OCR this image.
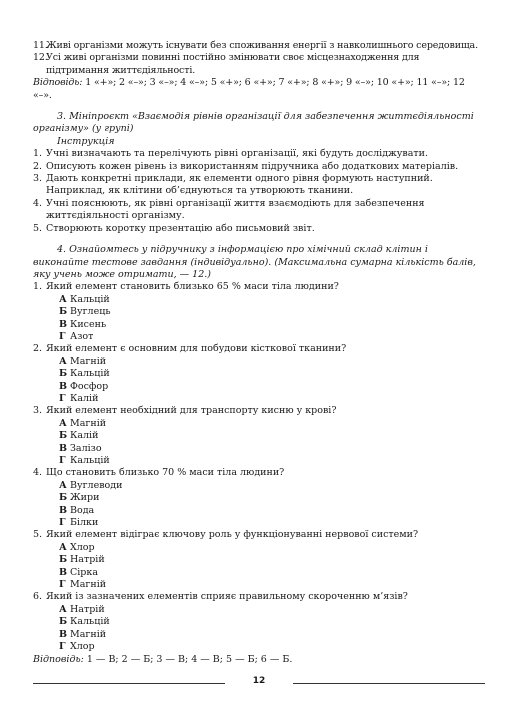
11.
Живі організми можуть існувати без споживання енергії з навколишнього середовища.

12.
Усі живі організми повинні постійно змінювати своє місцезнаходження для підтримання життєдіяльності.

Відповідь: 1 «+»; 2 «–»; 3 «–»; 4 «–»; 5 «+»; 6 «+»; 7 «+»; 8 «+»; 9 «–»; 10 «+»; 11 «–»; 12 «–».

3. Мініпроєкт «Взаємодія рівнів організації для забезпечення життєдіяльності організму» (у групі)

Інструкція

1. Учні визначають та перелічують рівні організації, які будуть досліджувати.

2. Описують кожен рівень із використанням підручника або додаткових матеріалів.

3. Дають конкретні приклади, як елементи одного рівня формують наступний. Наприклад, як клітини об’єднуються та утворюють тканини.

4. Учні пояснюють, як рівні організації життя взаємодіють для забезпечення життєдіяльності організму.

5. Створюють коротку презентацію або письмовий звіт.

4. Ознайомтесь у підручнику з інформацією про хімічний склад клітин і виконайте тестове завдання (індивідуально). (Максимальна сумарна кількість балів, яку учень може отримати, — 12.)

1. Який елемент становить близько 65 % маси тіла людини?

А Кальцій

Б Вуглець

В Кисень

Г Азот

2. Який елемент є основним для побудови кісткової тканини?

А Магній

Б Кальцій

В Фосфор

Г Калій

3. Який елемент необхідний для транспорту кисню у крові?

А Магній

Б Калій

В Залізо

Г Кальцій

4. Що становить близько 70 % маси тіла людини?

А Вуглеводи

Б Жири

В Вода

Г Білки

5. Який елемент відіграє ключову роль у функціонуванні нервової системи?

А Хлор

Б Натрій

В Сірка

Г Магній

6. Який із зазначених елементів сприяє правильному скороченню м’язів?

А Натрій

Б Кальцій

В Магній

Г Хлор

Відповідь: 1 — В; 2 — Б; 3 — В; 4 — В; 5 — Б; 6 — Б.

12
